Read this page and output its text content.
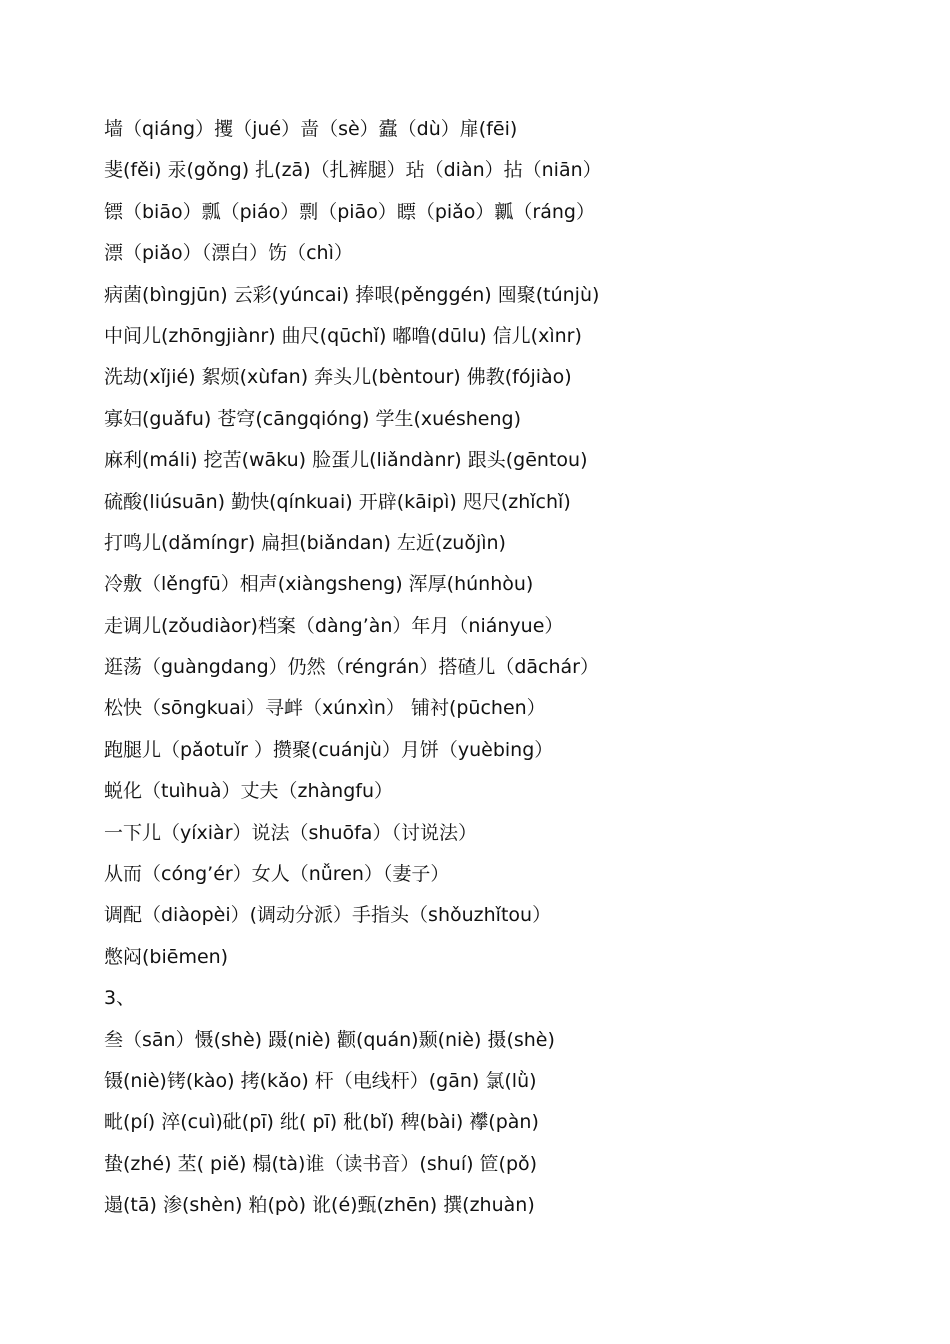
墙（qiáng）攫（jué）啬（sè）蠹（dù）扉(fēi)
斐(fěi) 汞(gǒng) 扎(zā)（扎裤腿）玷（diàn）拈（niān）
镖（biāo）瓢（piáo）剽（piāo）瞟（piǎo）瓤（ráng）
漂（piǎo）（漂白）饬（chì）
病菌(bìngjūn) 云彩(yúncai) 捧哏(pěnggén) 囤聚(túnjù)
中间儿(zhōngjiànr) 曲尺(qūchǐ) 嘟噜(dūlu) 信儿(xìnr)
洗劫(xǐjié) 絮烦(xùfan) 奔头儿(bèntour) 佛教(fójiào)
寡妇(guǎfu) 苍穹(cāngqióng) 学生(xuésheng)
麻利(máli) 挖苦(wāku) 脸蛋儿(liǎndànr) 跟头(gēntou)
硫酸(liúsuān) 勤快(qínkuai) 开辟(kāipì) 咫尺(zhǐchǐ)
打鸣儿(dǎmíngr) 扁担(biǎndan) 左近(zuǒjìn)
冷敷（lěngfū）相声(xiàngsheng) 浑厚(húnhòu)
走调儿(zǒudiàor)档案（dàng’àn）年月（niányue）
逛荡（guàngdang）仍然（réngrán）搭碴儿（dāchár）
松快（sōngkuai）寻衅（xúnxìn） 铺衬(pūchen）
跑腿儿（pǎotuǐr ）攒聚(cuánjù）月饼（yuèbing）
蜕化（tuìhuà）丈夫（zhàngfu）
一下儿（yíxiàr）说法（shuōfa）（讨说法）
从而（cóng’ér）女人（nǚren）（妻子）
调配（diàopèi）(调动分派）手指头（shǒuzhǐtou）
憋闷(biēmen)
3、
叁（sān）慑(shè) 蹑(niè) 颧(quán)颞(niè) 摄(shè)
镊(niè)铐(kào) 拷(kǎo) 杆（电线杆）(gān) 氯(lǜ)
毗(pí) 淬(cuì)砒(pī) 纰( pī) 秕(bǐ) 稗(bài) 襻(pàn)
蛰(zhé) 苤( piě) 榻(tà)谁（读书音）(shuí) 笸(pǒ)
遢(tā) 渗(shèn) 粕(pò) 讹(é)甄(zhēn) 撰(zhuàn)
